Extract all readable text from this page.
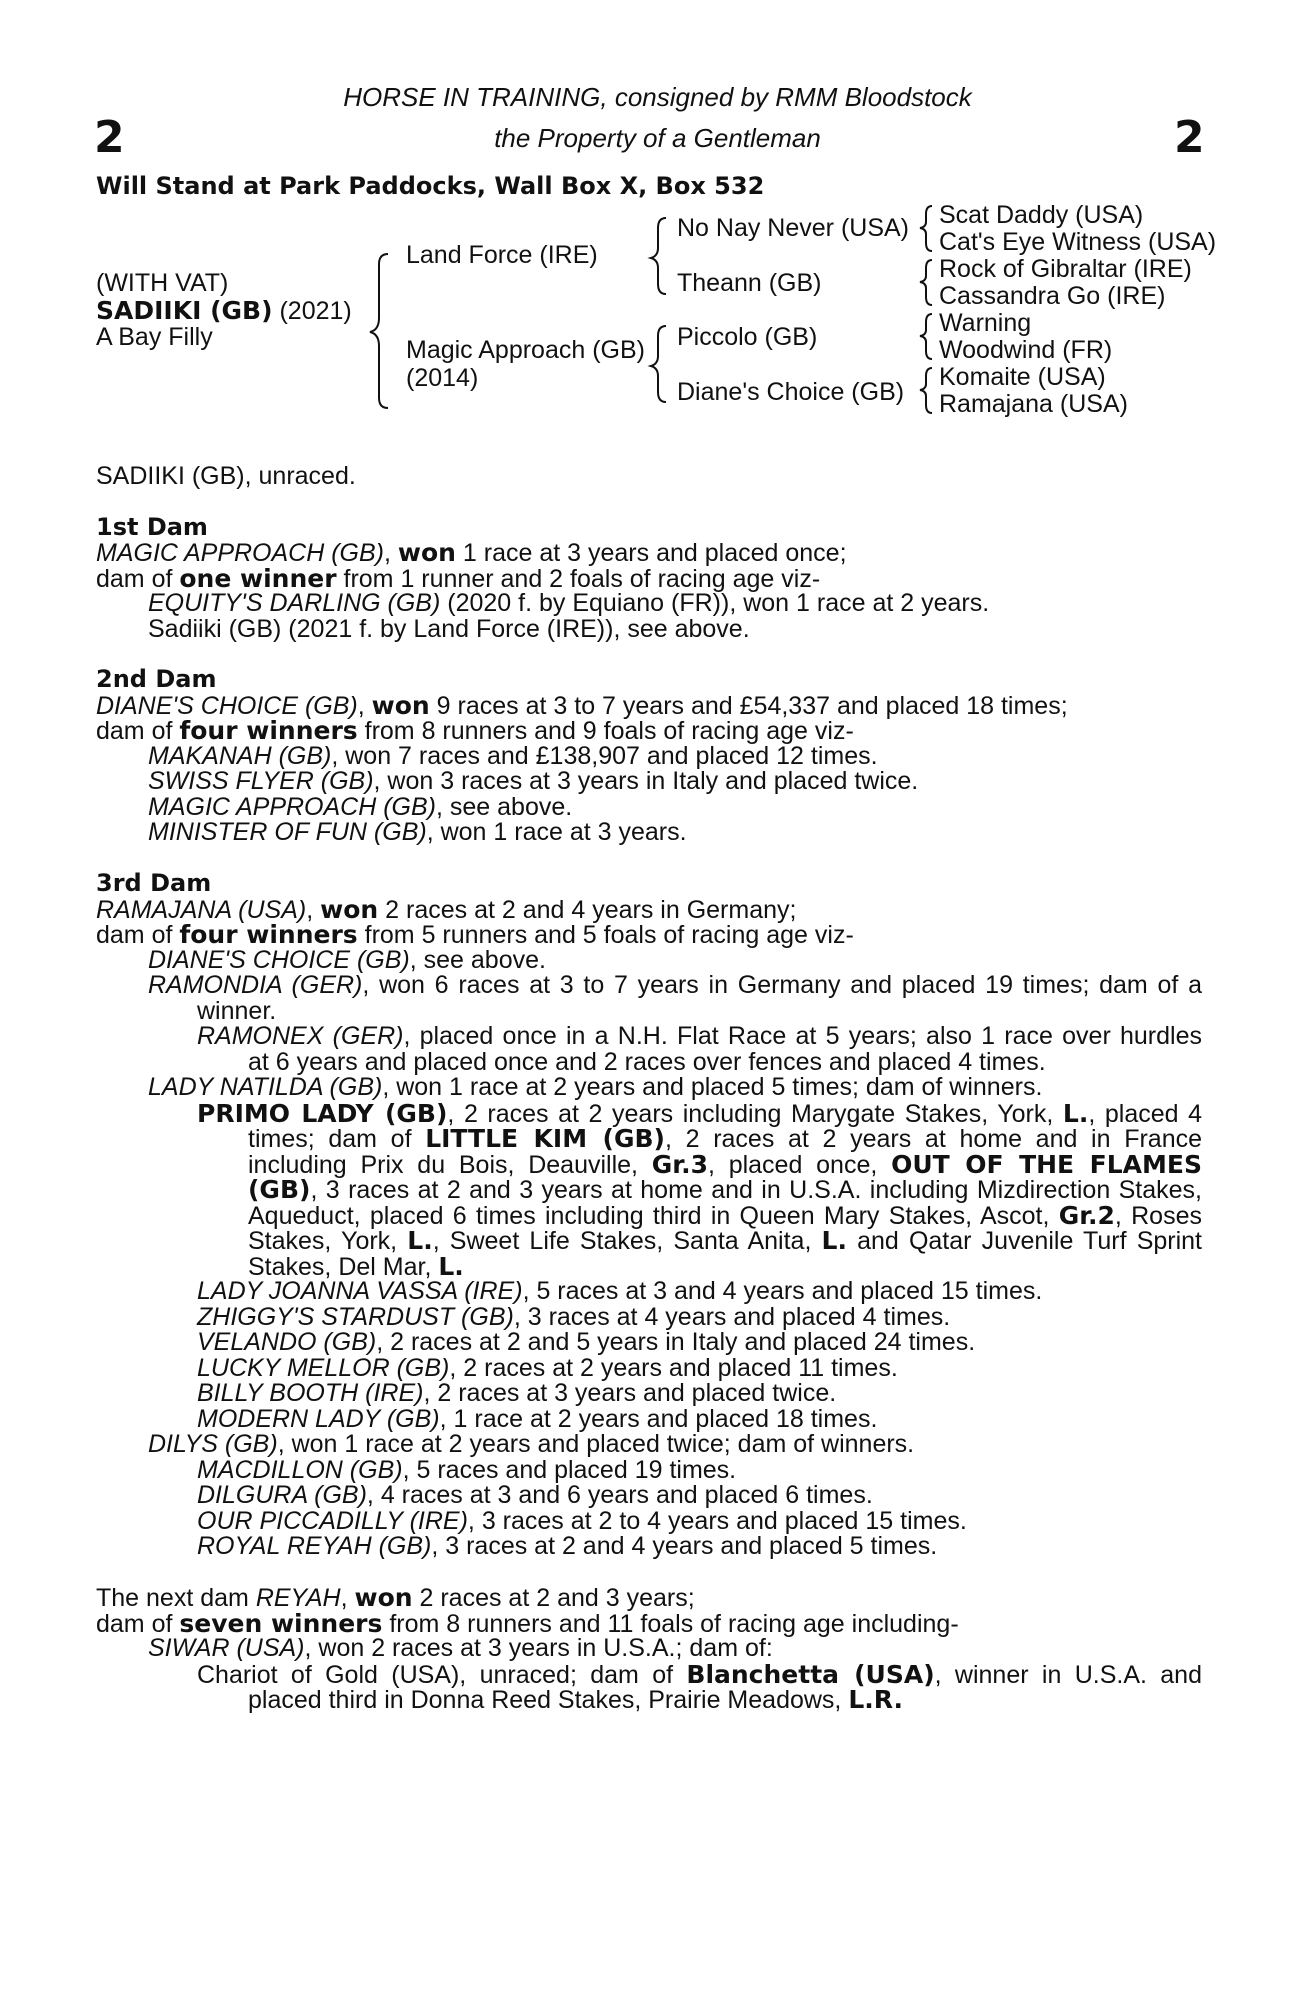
2	2
HORSE IN TRAINING, consigned by RMM Bloodstock
the Property of a Gentleman
Will Stand at Park Paddocks, Wall Box X, Box 532
(WITH VAT)
SADIIKI (GB) (2021)
A Bay Filly
Land Force (IRE)
Magic Approach (GB)
(2014)
No Nay Never (USA)
Theann (GB)
Piccolo (GB)
Diane's Choice (GB)
Scat Daddy (USA)
Cat's Eye Witness (USA)
Rock of Gibraltar (IRE)
Cassandra Go (IRE)
Warning
Woodwind (FR)
Komaite (USA)
Ramajana (USA)
SADIIKI (GB), unraced.
1st Dam
MAGIC APPROACH (GB), won 1 race at 3 years and placed once;
dam of one winner from 1 runner and 2 foals of racing age viz-
EQUITY'S DARLING (GB) (2020 f. by Equiano (FR)), won 1 race at 2 years.
Sadiiki (GB) (2021 f. by Land Force (IRE)), see above.
2nd Dam
DIANE'S CHOICE (GB), won 9 races at 3 to 7 years and £54,337 and placed 18 times;
dam of four winners from 8 runners and 9 foals of racing age viz-
MAKANAH (GB), won 7 races and £138,907 and placed 12 times.
SWISS FLYER (GB), won 3 races at 3 years in Italy and placed twice.
MAGIC APPROACH (GB), see above.
MINISTER OF FUN (GB), won 1 race at 3 years.
3rd Dam
RAMAJANA (USA), won 2 races at 2 and 4 years in Germany;
dam of four winners from 5 runners and 5 foals of racing age viz-
DIANE'S CHOICE (GB), see above.
RAMONDIA (GER), won 6 races at 3 to 7 years in Germany and placed 19 times; dam of a
winner.
RAMONEX (GER), placed once in a N.H. Flat Race at 5 years; also 1 race over hurdles
at 6 years and placed once and 2 races over fences and placed 4 times.
LADY NATILDA (GB), won 1 race at 2 years and placed 5 times; dam of winners.
PRIMO LADY (GB), 2 races at 2 years including Marygate Stakes, York, L., placed 4
times; dam of LITTLE KIM (GB), 2 races at 2 years at home and in France
including Prix du Bois, Deauville, Gr.3, placed once, OUT OF THE FLAMES
(GB), 3 races at 2 and 3 years at home and in U.S.A. including Mizdirection Stakes,
Aqueduct, placed 6 times including third in Queen Mary Stakes, Ascot, Gr.2, Roses
Stakes, York, L., Sweet Life Stakes, Santa Anita, L. and Qatar Juvenile Turf Sprint
Stakes, Del Mar, L.
LADY JOANNA VASSA (IRE), 5 races at 3 and 4 years and placed 15 times.
ZHIGGY'S STARDUST (GB), 3 races at 4 years and placed 4 times.
VELANDO (GB), 2 races at 2 and 5 years in Italy and placed 24 times.
LUCKY MELLOR (GB), 2 races at 2 years and placed 11 times.
BILLY BOOTH (IRE), 2 races at 3 years and placed twice.
MODERN LADY (GB), 1 race at 2 years and placed 18 times.
DILYS (GB), won 1 race at 2 years and placed twice; dam of winners.
MACDILLON (GB), 5 races and placed 19 times.
DILGURA (GB), 4 races at 3 and 6 years and placed 6 times.
OUR PICCADILLY (IRE), 3 races at 2 to 4 years and placed 15 times.
ROYAL REYAH (GB), 3 races at 2 and 4 years and placed 5 times.
The next dam REYAH, won 2 races at 2 and 3 years;
dam of seven winners from 8 runners and 11 foals of racing age including-
SIWAR (USA), won 2 races at 3 years in U.S.A.; dam of:
Chariot of Gold (USA), unraced; dam of Blanchetta (USA), winner in U.S.A. and
placed third in Donna Reed Stakes, Prairie Meadows, L.R.
